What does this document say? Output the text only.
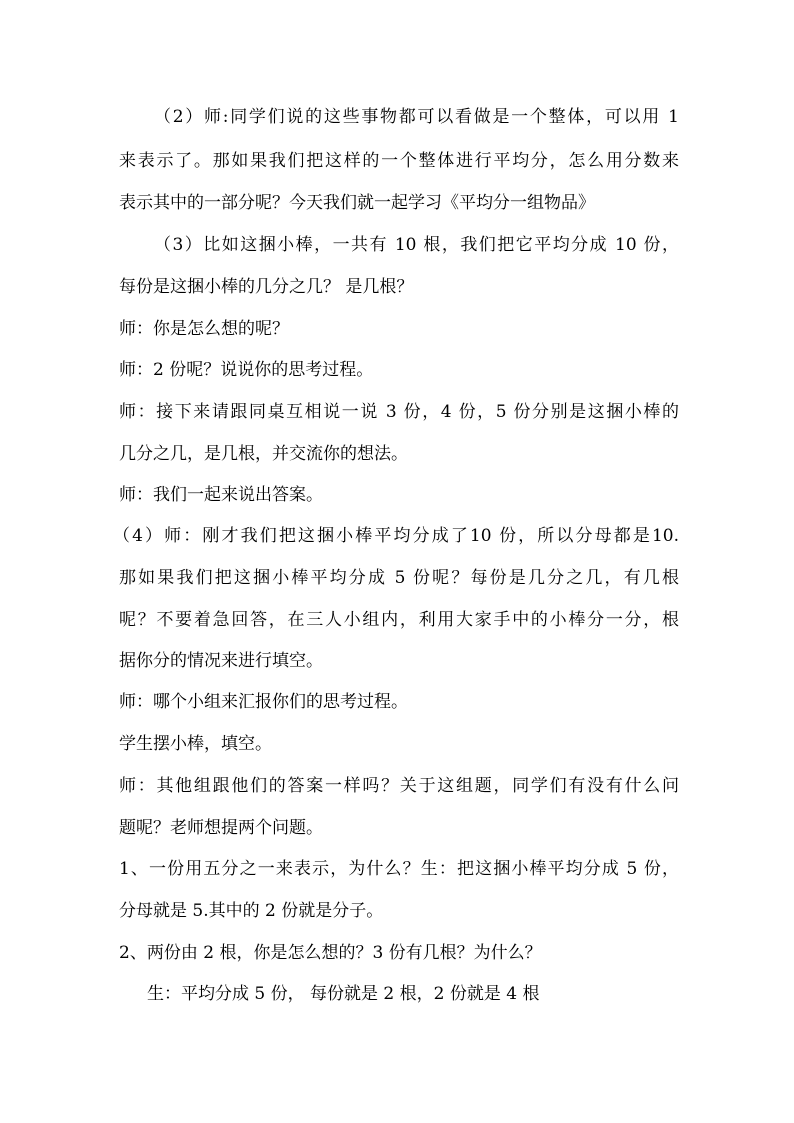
（2）师:同学们说的这些事物都可以看做是一个整体，可以用 1
来表示了。那如果我们把这样的一个整体进行平均分，怎么用分数来
表示其中的一部分呢？今天我们就一起学习《平均分一组物品》
（3）比如这捆小棒，一共有 10 根，我们把它平均分成 10 份，
每份是这捆小棒的几分之几？ 是几根？
师：你是怎么想的呢？
师：2 份呢？说说你的思考过程。
师：接下来请跟同桌互相说一说 3 份，4 份，5 份分别是这捆小棒的
几分之几，是几根，并交流你的想法。
师：我们一起来说出答案。
（4）师：刚才我们把这捆小棒平均分成了10 份，所以分母都是10.
那如果我们把这捆小棒平均分成 5 份呢？每份是几分之几，有几根
呢？不要着急回答，在三人小组内，利用大家手中的小棒分一分，根
据你分的情况来进行填空。
师：哪个小组来汇报你们的思考过程。
学生摆小棒，填空。
师：其他组跟他们的答案一样吗？关于这组题，同学们有没有什么问
题呢？老师想提两个问题。
1、一份用五分之一来表示，为什么？生：把这捆小棒平均分成 5 份，
分母就是 5.其中的 2 份就是分子。
2、两份由 2 根，你是怎么想的？3 份有几根？为什么？
生：平均分成 5 份， 每份就是 2 根，2 份就是 4 根
